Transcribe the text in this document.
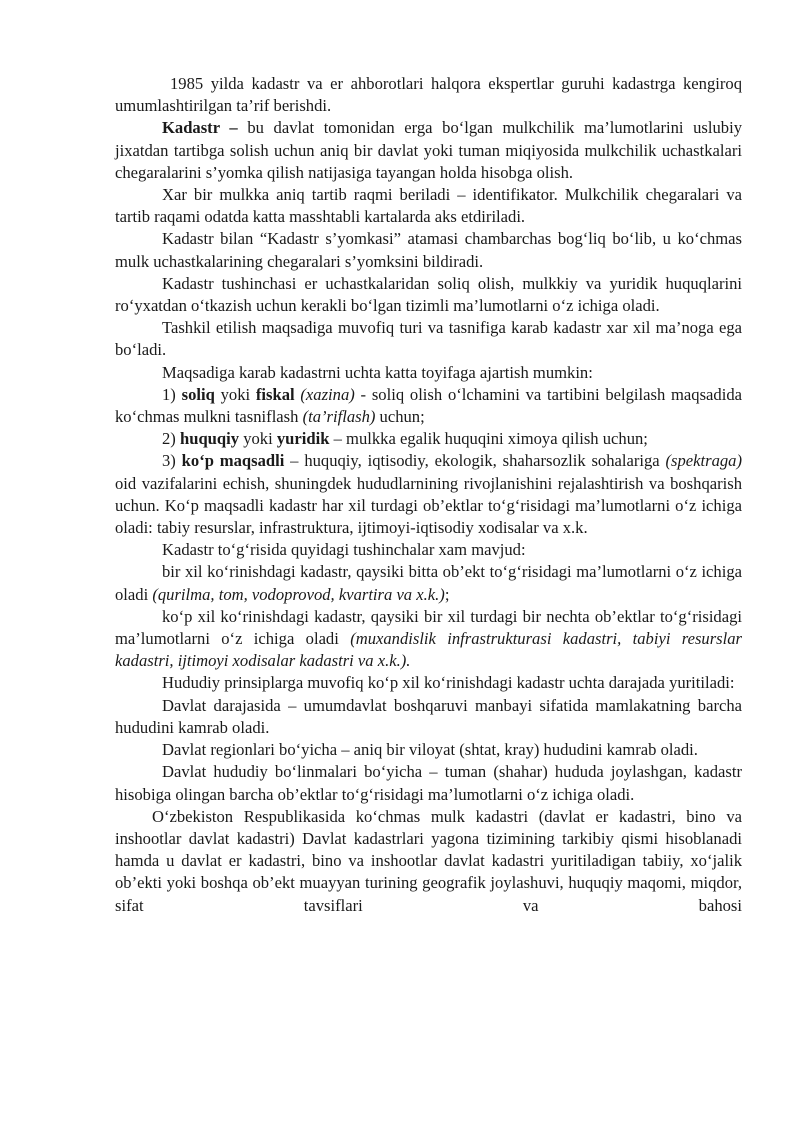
1985 yilda kadastr va er ahborotlari halqora ekspertlar guruhi kadastrga kengiroq umumlashtirilgan ta’rif berishdi.

Kadastr – bu davlat tomonidan erga bo‘lgan mulkchilik ma’lumotlarini uslubiy jixatdan tartibga solish uchun aniq bir davlat yoki tuman miqiyosida mulkchilik uchastkalari chegaralarini s’yomka qilish natijasiga tayangan holda hisobga olish.

Xar bir mulkka aniq tartib raqmi beriladi – identifikator. Mulkchilik chegaralari va tartib raqami odatda katta masshtabli kartalarda aks etdiriladi.

Kadastr bilan “Kadastr s’yomkasi” atamasi chambarchas bog‘liq bo‘lib, u ko‘chmas mulk uchastkalarining chegaralari s’yomksini bildiradi.

Kadastr tushinchasi er uchastkalaridan soliq olish, mulkkiy va yuridik huquqlarini ro‘yxatdan o‘tkazish uchun kerakli bo‘lgan tizimli ma’lumotlarni o‘z ichiga oladi.

Tashkil etilish maqsadiga muvofiq turi va tasnifiga karab kadastr xar xil ma’noga ega bo‘ladi.

Maqsadiga karab kadastrni uchta katta toyifaga ajartish mumkin:

1) soliq yoki fiskal (xazina) - soliq olish o‘lchamini va tartibini belgilash maqsadida ko‘chmas mulkni tasniflash (ta’riflash) uchun;

2) huquqiy yoki yuridik – mulkka egalik huquqini ximoya qilish uchun;

3) ko‘p maqsadli – huquqiy, iqtisodiy, ekologik, shaharsozlik sohalariga (spektraga) oid vazifalarini echish, shuningdek hududlarnining rivojlanishini rejalashtirish va boshqarish uchun. Ko‘p maqsadli kadastr har xil turdagi ob’ektlar to‘g‘risidagi ma’lumotlarni o‘z ichiga oladi: tabiy resurslar, infrastruktura, ijtimoyi-iqtisodiy xodisalar va x.k.

Kadastr to‘g‘risida quyidagi tushinchalar xam mavjud:

bir xil ko‘rinishdagi kadastr, qaysiki bitta ob’ekt to‘g‘risidagi ma’lumotlarni o‘z ichiga oladi (qurilma, tom, vodoprovod, kvartira va x.k.);

ko‘p xil ko‘rinishdagi kadastr, qaysiki bir xil turdagi bir nechta ob’ektlar to‘g‘risidagi ma’lumotlarni o‘z ichiga oladi (muxandislik infrastrukturasi kadastri, tabiyi resurslar kadastri, ijtimoyi xodisalar kadastri va x.k.).

Hududiy prinsiplarga muvofiq ko‘p xil ko‘rinishdagi kadastr uchta darajada yuritiladi:

Davlat darajasida – umumdavlat boshqaruvi manbayi sifatida mamlakatning barcha hududini kamrab oladi.

Davlat regionlari bo‘yicha – aniq bir viloyat (shtat, kray) hududini kamrab oladi.

Davlat hududiy bo‘linmalari bo‘yicha – tuman (shahar) hududa joylashgan, kadastr hisobiga olingan barcha ob’ektlar to‘g‘risidagi ma’lumotlarni o‘z ichiga oladi.

O‘zbekiston Respublikasida ko‘chmas mulk kadastri (davlat er kadastri, bino va inshootlar davlat kadastri) Davlat kadastrlari yagona tizimining tarkibiy qismi hisoblanadi hamda u davlat er kadastri, bino va inshootlar davlat kadastri yuritiladigan tabiiy, xo‘jalik ob’ekti yoki boshqa ob’ekt muayyan turining geografik joylashuvi, huquqiy maqomi, miqdor, sifat tavsiflari va bahosi
